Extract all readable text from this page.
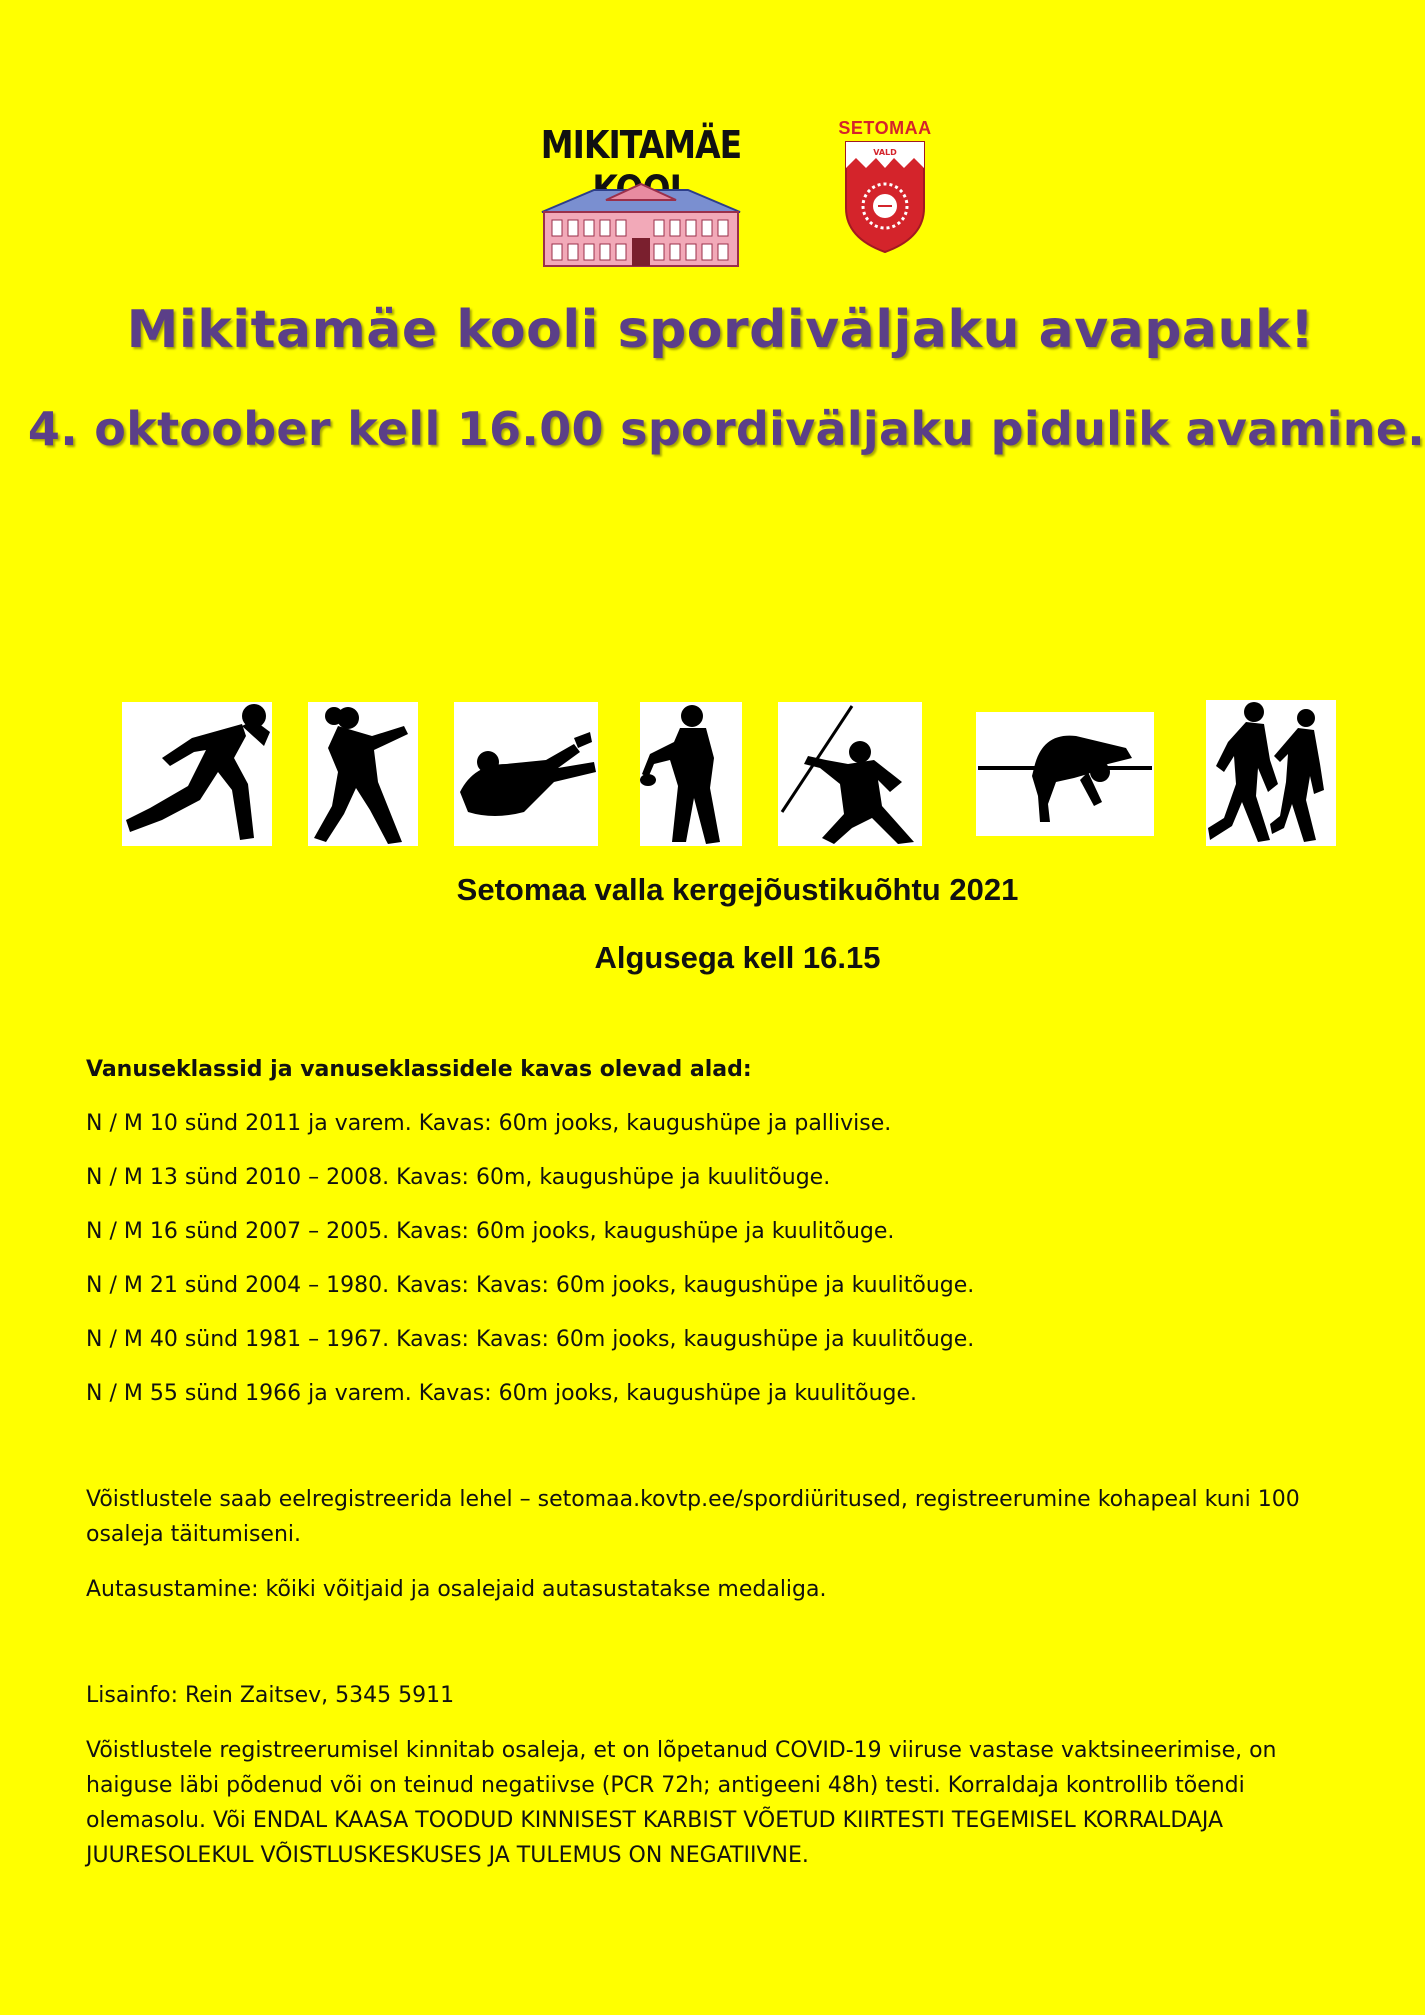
MIKITAMÄE	SETOMAA
VALD
Mikitamäe kooli spordiväljaku avapauk!
4. oktoober kell 16.00 spordiväljaku pidulik avamine.
Setomaa valla kergejõustikuõhtu 2021
Algusega kell 16.15

Vanuseklassid ja vanuseklassidele kavas olevad alad:

N / M 10 sünd 2011 ja varem. Kavas: 60m jooks, kaugushüpe ja pallivise.

N / M 13 sünd 2010 – 2008. Kavas: 60m, kaugushüpe ja kuulitõuge.

N / M 16 sünd 2007 – 2005. Kavas: 60m jooks, kaugushüpe ja kuulitõuge.

N / M 21 sünd 2004 – 1980. Kavas: Kavas: 60m jooks, kaugushüpe ja kuulitõuge.

N / M 40 sünd 1981 – 1967. Kavas: Kavas: 60m jooks, kaugushüpe ja kuulitõuge.

N / M 55 sünd 1966 ja varem. Kavas: 60m jooks, kaugushüpe ja kuulitõuge.

Võistlustele saab eelregistreerida lehel – setomaa.kovtp.ee/spordiüritused, registreerumine kohapeal kuni 100 osaleja täitumiseni.

Autasustamine: kõiki võitjaid ja osalejaid autasustatakse medaliga.

Lisainfo: Rein Zaitsev, 5345 5911

Võistlustele registreerumisel kinnitab osaleja, et on lõpetanud COVID-19 viiruse vastase vaktsineerimise, on haiguse läbi põdenud või on teinud negatiivse (PCR 72h; antigeeni 48h) testi. Korraldaja kontrollib tõendi olemasolu. Või ENDAL KAASA TOODUD KINNISEST KARBIST VÕETUD KIIRTESTI TEGEMISEL KORRALDAJA JUURESOLEKUL VÕISTLUSKESKUSES JA TULEMUS ON NEGATIIVNE.
